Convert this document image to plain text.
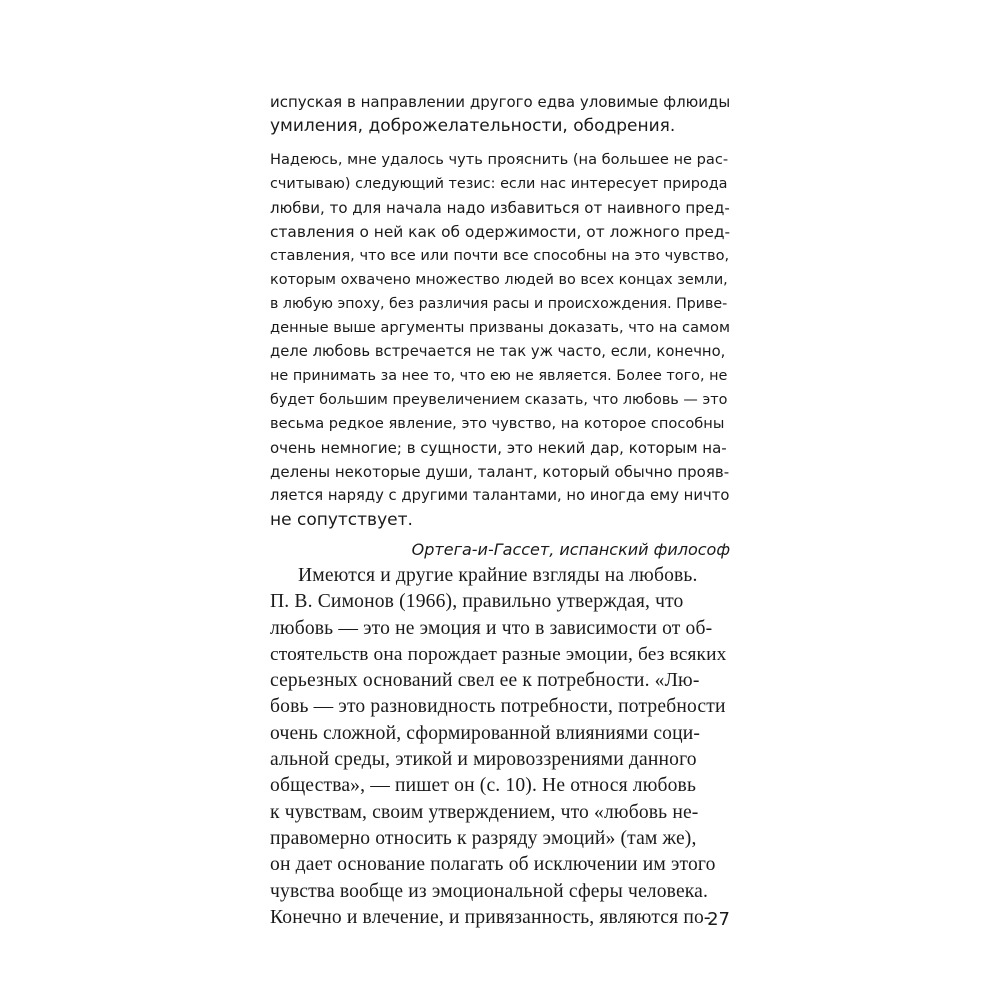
испуская в направлении другого едва уловимые флюиды
умиления, доброжелательности, ободрения.
Надеюсь, мне удалось чуть прояснить (на большее не рас-
считываю) следующий тезис: если нас интересует природа
любви, то для начала надо избавиться от наивного пред-
ставления о ней как об одержимости, от ложного пред-
ставления, что все или почти все способны на это чувство,
которым охвачено множество людей во всех концах земли,
в любую эпоху, без различия расы и происхождения. Приве-
денные выше аргументы призваны доказать, что на самом
деле любовь встречается не так уж часто, если, конечно,
не принимать за нее то, что ею не является. Более того, не
будет большим преувеличением сказать, что любовь — это
весьма редкое явление, это чувство, на которое способны
очень немногие; в сущности, это некий дар, которым на-
делены некоторые души, талант, который обычно прояв-
ляется наряду с другими талантами, но иногда ему ничто
не сопутствует.
Ортега-и-Гассет, испанский философ
Имеются и другие крайние взгляды на любовь.
П. В. Симонов (1966), правильно утверждая, что
любовь — это не эмоция и что в зависимости от об-
стоятельств она порождает разные эмоции, без всяких
серьезных оснований свел ее к потребности. «Лю-
бовь — это разновидность потребности, потребности
очень сложной, сформированной влияниями соци-
альной среды, этикой и мировоззрениями данного
общества», — пишет он (с. 10). Не относя любовь
к чувствам, своим утверждением, что «любовь не-
правомерно относить к разряду эмоций» (там же),
он дает основание полагать об исключении им этого
чувства вообще из эмоциональной сферы человека.
Конечно и влечение, и привязанность, являются по-
27
